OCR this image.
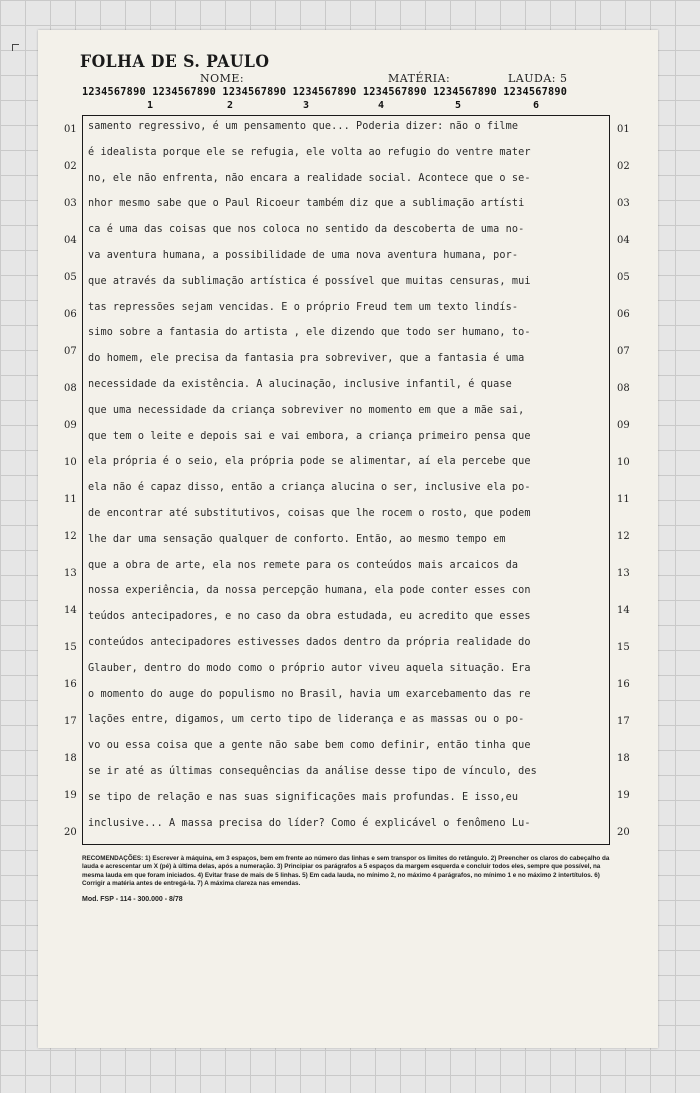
FOLHA DE S. PAULO
NOME:	MATÉRIA:	LAUDA: 5
1234567890 1234567890 1234567890 1234567890 1234567890 1234567890 1234567890
1	2	3	4	5	6
samento regressivo, é um pensamento que... Poderia dizer: não o filme
é idealista porque ele se refugia, ele volta ao refugio do ventre mater
no, ele não enfrenta, não encara a realidade social. Acontece que o se-
nhor mesmo sabe que o Paul Ricoeur também diz que a sublimação artísti
ca é uma das coisas que nos coloca no sentido da descoberta de uma no-
va aventura humana, a possibilidade de uma nova aventura humana, por-
que através da sublimação artística é possível que muitas censuras, mui
tas repressões sejam vencidas. E o próprio Freud tem um texto lindís-
simo sobre a fantasia do artista , ele dizendo que todo ser humano, to-
do homem, ele precisa da fantasia pra sobreviver, que a fantasia é uma
necessidade da existência. A alucinação, inclusive infantil, é quase
que uma necessidade da criança sobreviver no momento em que a mãe sai,
que tem o leite e depois sai e vai embora, a criança primeiro pensa que
ela própria é o seio, ela própria pode se alimentar, aí ela percebe que
ela não é capaz disso, então a criança alucina o ser, inclusive ela po-
de encontrar até substitutivos, coisas que lhe rocem o rosto, que podem
lhe dar uma sensação qualquer de conforto. Então, ao mesmo tempo em
que a obra de arte, ela nos remete para os conteúdos mais arcaicos da
nossa experiência, da nossa percepção humana, ela pode conter esses con
teúdos antecipadores, e no caso da obra estudada, eu acredito que esses
conteúdos antecipadores estivesses dados dentro da própria realidade do
Glauber, dentro do modo como o próprio autor viveu aquela situação. Era
o momento do auge do populismo no Brasil, havia um exarcebamento das re
lações entre, digamos, um certo tipo de liderança e as massas ou o po-
vo ou essa coisa que a gente não sabe bem como definir, então tinha que
se ir até as últimas consequências da análise desse tipo de vínculo, des
se tipo de relação e nas suas significações mais profundas. E isso,eu
inclusive... A massa precisa do líder? Como é explicável o fenômeno Lu-
RECOMENDAÇÕES: 1) Escrever à máquina, em 3 espaços, bem em frente ao número das linhas e sem transpor os limites do retângulo. 2) Preencher os claros do cabeçalho da lauda e acrescentar um X (pé) à última delas, após a numeração. 3) Principiar os parágrafos a 5 espaços da margem esquerda e concluir todos eles, sempre que possível, na mesma lauda em que foram iniciados. 4) Evitar frase de mais de 5 linhas. 5) Em cada lauda, no mínimo 2, no máximo 4 parágrafos, no mínimo 1 e no máximo 2 intertítulos. 6) Corrigir a matéria antes de entregá-la. 7) A máxima clareza nas emendas.
Mod. FSP - 114 - 300.000 - 8/78
01	01
02	02
03	03
04	04
05	05
06	06
07	07
08	08
09	09
10	10
11	11
12	12
13	13
14	14
15	15
16	16
17	17
18	18
19	19
20	20
